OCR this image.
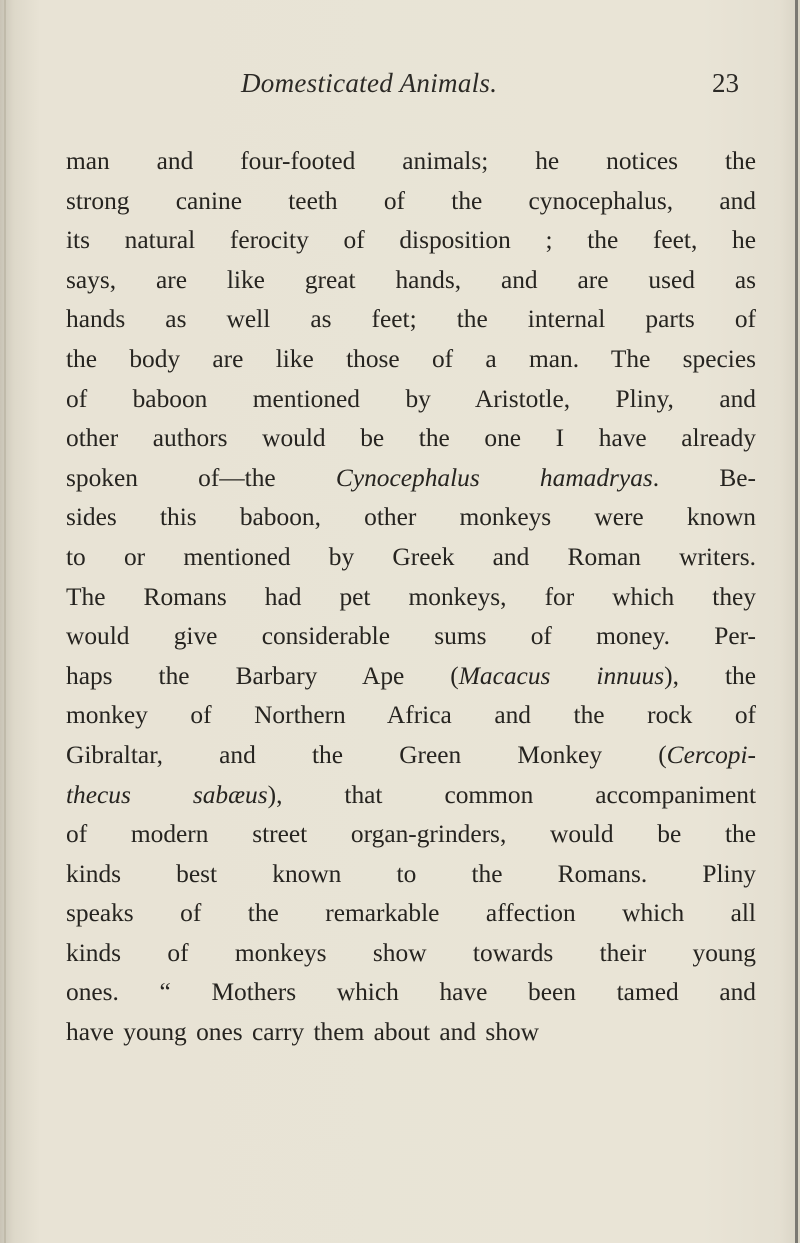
Domesticated Animals.	23
man and four-footed animals; he notices the
strong canine teeth of the cynocephalus, and
its natural ferocity of disposition ; the feet, he
says, are like great hands, and are used as
hands as well as feet; the internal parts of
the body are like those of a man. The species
of baboon mentioned by Aristotle, Pliny, and
other authors would be the one I have already
spoken of—the Cynocephalus hamadryas. Be-
sides this baboon, other monkeys were known
to or mentioned by Greek and Roman writers.
The Romans had pet monkeys, for which they
would give considerable sums of money. Per-
haps the Barbary Ape (Macacus innuus), the
monkey of Northern Africa and the rock of
Gibraltar, and the Green Monkey (Cercopi-
thecus sabæus), that common accompaniment
of modern street organ-grinders, would be the
kinds best known to the Romans. Pliny
speaks of the remarkable affection which all
kinds of monkeys show towards their young
ones. “ Mothers which have been tamed and
have young ones carry them about and show
